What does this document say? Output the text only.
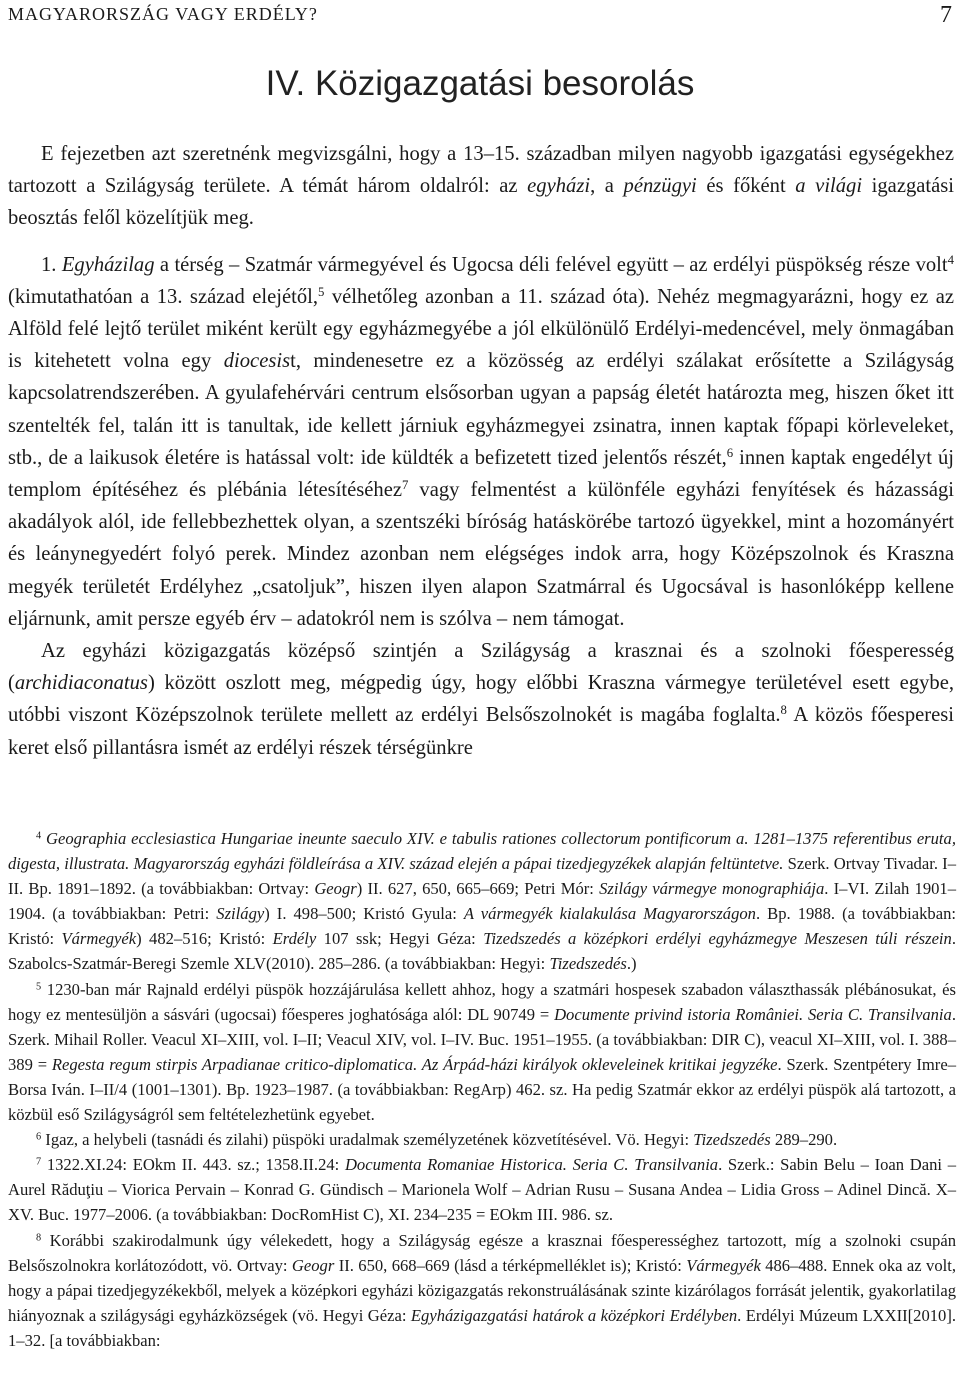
MAGYARORSZÁG VAGY ERDÉLY?	7
IV. Közigazgatási besorolás

E fejezetben azt szeretnénk megvizsgálni, hogy a 13–15. században milyen nagyobb igazgatási egységekhez tartozott a Szilágyság területe. A témát három oldalról: az egyházi, a pénzügyi és főként a világi igazgatási beosztás felől közelítjük meg.

1. Egyházilag a térség – Szatmár vármegyével és Ugocsa déli felével együtt – az erdélyi püspökség része volt$^4$ (kimutathatóan a 13. század elejétől,$^5$ vélhetőleg azonban a 11. század óta). Nehéz megmagyarázni, hogy ez az Alföld felé lejtő terület miként került egy egyházmegyébe a jól elkülönülő Erdélyi-medencével, mely önmagában is kitehetett volna egy diocesist, mindenesetre ez a közösség az erdélyi szálakat erősítette a Szilágyság kapcsolatrendszerében. A gyulafehérvári centrum elsősorban ugyan a papság életét határozta meg, hiszen őket itt szentelték fel, talán itt is tanultak, ide kellett járniuk egyházmegyei zsinatra, innen kaptak főpapi körleveleket, stb., de a laikusok életére is hatással volt: ide küldték a befizetett tized jelentős részét,$^6$ innen kaptak engedélyt új templom építéséhez és plébánia létesítéséhez$^7$ vagy felmentést a különféle egyházi fenyítések és házassági akadályok alól, ide fellebbezhettek olyan, a szentszéki bíróság hatáskörébe tartozó ügyekkel, mint a hozományért és leánynegyedért folyó perek. Mindez azonban nem elégséges indok arra, hogy Középszolnok és Kraszna megyék területét Erdélyhez „csatoljuk”, hiszen ilyen alapon Szatmárral és Ugocsával is hasonlóképp kellene eljárnunk, amit persze egyéb érv – adatokról nem is szólva – nem támogat.

Az egyházi közigazgatás középső szintjén a Szilágyság a krasznai és a szolnoki főesperesség (archidiaconatus) között oszlott meg, mégpedig úgy, hogy előbbi Kraszna vármegye területével esett egybe, utóbbi viszont Középszolnok területe mellett az erdélyi Belsőszolnokét is magába foglalta.$^8$ A közös főesperesi keret első pillantásra ismét az erdélyi részek térségünkre

$^4$ Geographia ecclesiastica Hungariae ineunte saeculo XIV. e tabulis rationes collectorum pontificorum a. 1281–1375 referentibus eruta, digesta, illustrata. Magyarország egyházi földleírása a XIV. század elején a pápai tizedjegyzékek alapján feltüntetve. Szerk. Ortvay Tivadar. I–II. Bp. 1891–1892. (a továbbiakban: Ortvay: Geogr) II. 627, 650, 665–669; Petri Mór: Szilágy vármegye monographiája. I–VI. Zilah 1901–1904. (a továbbiakban: Petri: Szilágy) I. 498–500; Kristó Gyula: A vármegyék kialakulása Magyarországon. Bp. 1988. (a továbbiakban: Kristó: Vármegyék) 482–516; Kristó: Erdély 107 ssk; Hegyi Géza: Tizedszedés a középkori erdélyi egyházmegye Meszesen túli részein. Szabolcs-Szatmár-Beregi Szemle XLV(2010). 285–286. (a továbbiakban: Hegyi: Tizedszedés.)

$^5$ 1230-ban már Rajnald erdélyi püspök hozzájárulása kellett ahhoz, hogy a szatmári hospesek szabadon választhassák plébánosukat, és hogy ez mentesüljön a sásvári (ugocsai) főesperes joghatósága alól: DL 90749 = Documente privind istoria României. Seria C. Transilvania. Szerk. Mihail Roller. Veacul XI–XIII, vol. I–II; Veacul XIV, vol. I–IV. Buc. 1951–1955. (a továbbiakban: DIR C), veacul XI–XIII, vol. I. 388–389 = Regesta regum stirpis Arpadianae critico-diplomatica. Az Árpád-házi királyok okleveleinek kritikai jegyzéke. Szerk. Szentpétery Imre–Borsa Iván. I–II/4 (1001–1301). Bp. 1923–1987. (a továbbiakban: RegArp) 462. sz. Ha pedig Szatmár ekkor az erdélyi püspök alá tartozott, a közbül eső Szilágyságról sem feltételezhetünk egyebet.

$^6$ Igaz, a helybeli (tasnádi és zilahi) püspöki uradalmak személyzetének közvetítésével. Vö. Hegyi: Tizedszedés 289–290.

$^7$ 1322.XI.24: EOkm II. 443. sz.; 1358.II.24: Documenta Romaniae Historica. Seria C. Transilvania. Szerk.: Sabin Belu – Ioan Dani – Aurel Răduţiu – Viorica Pervain – Konrad G. Gündisch – Marionela Wolf – Adrian Rusu – Susana Andea – Lidia Gross – Adinel Dincă. X–XV. Buc. 1977–2006. (a továbbiakban: DocRomHist C), XI. 234–235 = EOkm III. 986. sz.

$^8$ Korábbi szakirodalmunk úgy vélekedett, hogy a Szilágyság egésze a krasznai főesperességhez tartozott, míg a szolnoki csupán Belsőszolnokra korlátozódott, vö. Ortvay: Geogr II. 650, 668–669 (lásd a térképmelléklet is); Kristó: Vármegyék 486–488. Ennek oka az volt, hogy a pápai tizedjegyzékekből, melyek a középkori egyházi közigazgatás rekonstruálásának szinte kizárólagos forrását jelentik, gyakorlatilag hiányoznak a szilágysági egyházközségek (vö. Hegyi Géza: Egyházigazgatási határok a középkori Erdélyben. Erdélyi Múzeum LXXII[2010]. 1–32. [a továbbiakban:
